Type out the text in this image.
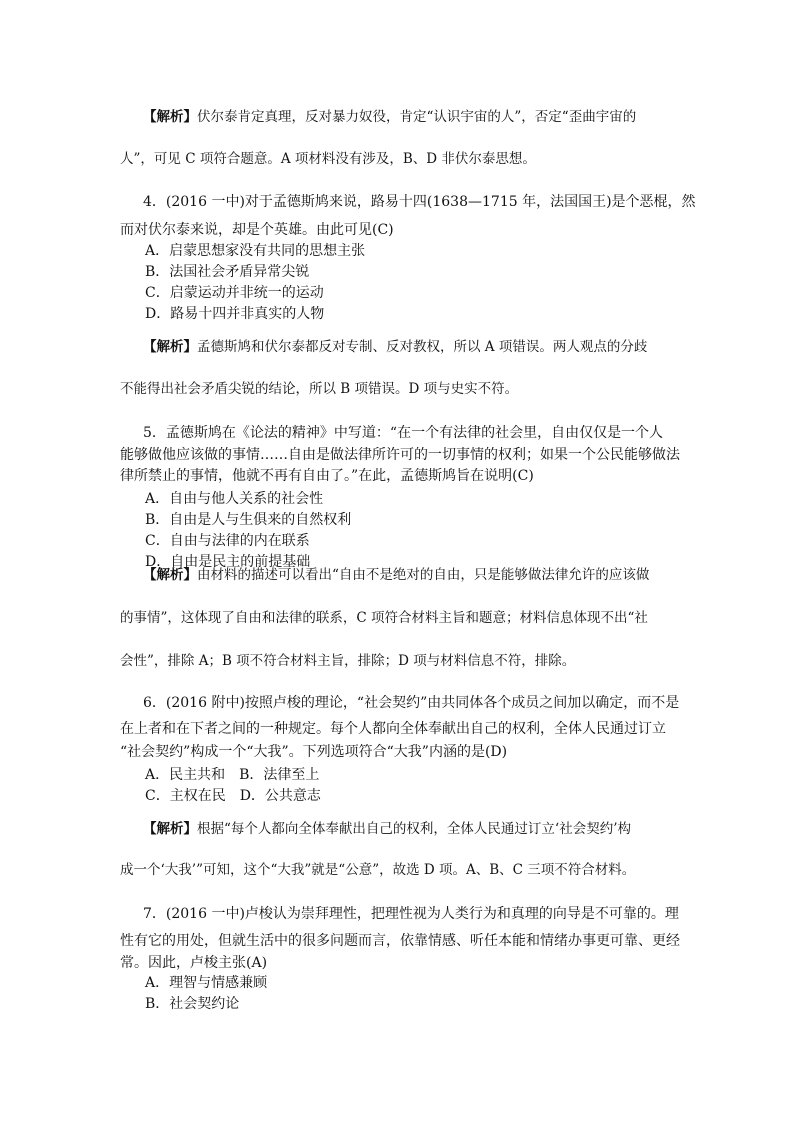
【解析】伏尔泰肯定真理，反对暴力奴役，肯定“认识宇宙的人”，否定“歪曲宇宙的
人”，可见 C 项符合题意。A 项材料没有涉及，B、D 非伏尔泰思想。
4．(2016 一中)对于孟德斯鸠来说，路易十四(1638—1715 年，法国国王)是个恶棍，然
而对伏尔泰来说，却是个英雄。由此可见(C)
A．启蒙思想家没有共同的思想主张
B．法国社会矛盾异常尖锐
C．启蒙运动并非统一的运动
D．路易十四并非真实的人物
【解析】孟德斯鸠和伏尔泰都反对专制、反对教权，所以 A 项错误。两人观点的分歧
不能得出社会矛盾尖锐的结论，所以 B 项错误。D 项与史实不符。
5．孟德斯鸠在《论法的精神》中写道：“在一个有法律的社会里，自由仅仅是一个人
能够做他应该做的事情……自由是做法律所许可的一切事情的权利；如果一个公民能够做法
律所禁止的事情，他就不再有自由了。”在此，孟德斯鸠旨在说明(C)
A．自由与他人关系的社会性
B．自由是人与生俱来的自然权利
C．自由与法律的内在联系
D．自由是民主的前提基础
【解析】由材料的描述可以看出“自由不是绝对的自由，只是能够做法律允许的应该做
的事情”，这体现了自由和法律的联系，C 项符合材料主旨和题意；材料信息体现不出“社
会性”，排除 A；B 项不符合材料主旨，排除；D 项与材料信息不符，排除。
6．(2016 附中)按照卢梭的理论，“社会契约”由共同体各个成员之间加以确定，而不是
在上者和在下者之间的一种规定。每个人都向全体奉献出自己的权利，全体人民通过订立
“社会契约”构成一个“大我”。下列选项符合“大我”内涵的是(D)
A．民主共和　B．法律至上
C．主权在民　D．公共意志
【解析】根据“每个人都向全体奉献出自己的权利，全体人民通过订立‘社会契约’构
成一个‘大我’”可知，这个“大我”就是“公意”，故选 D 项。A、B、C 三项不符合材料。
7．(2016 一中)卢梭认为崇拜理性，把理性视为人类行为和真理的向导是不可靠的。理
性有它的用处，但就生活中的很多问题而言，依靠情感、听任本能和情绪办事更可靠、更经
常。因此，卢梭主张(A)
A．理智与情感兼顾
B．社会契约论
